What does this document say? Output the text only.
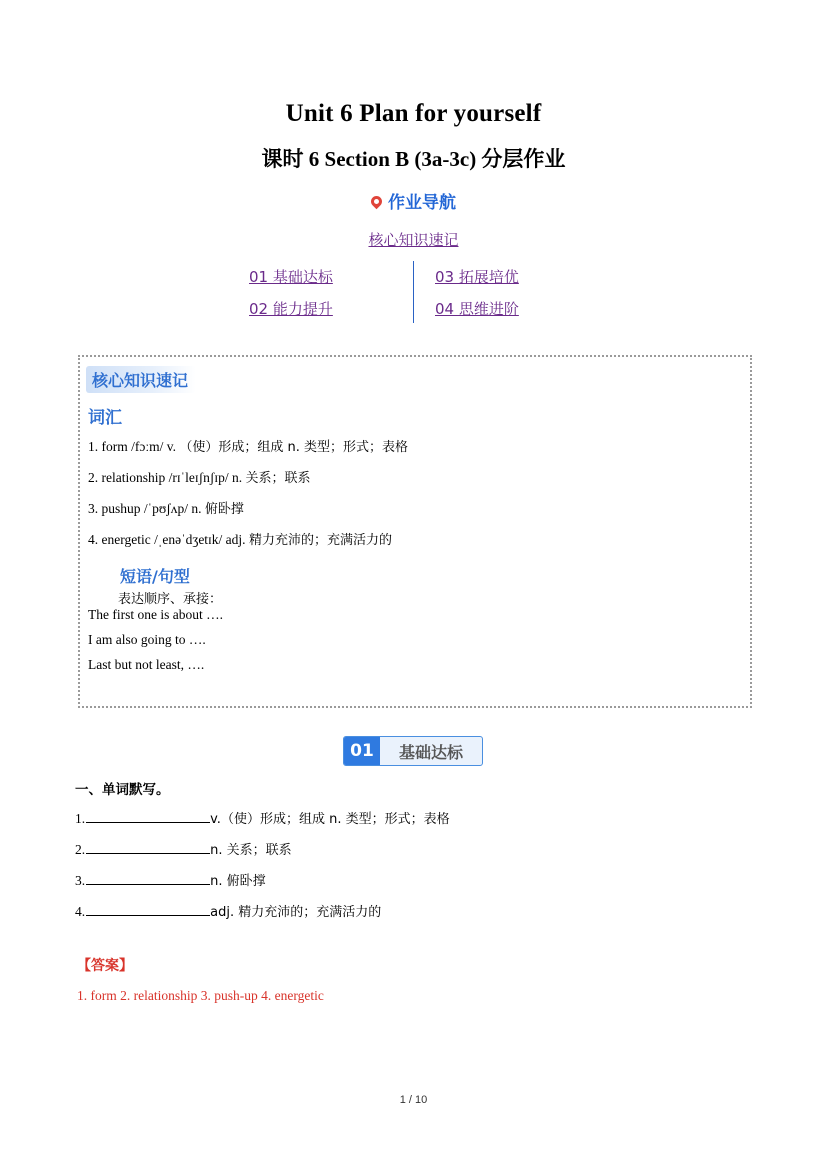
Unit 6 Plan for yourself
课时 6 Section B (3a-3c) 分层作业
作业导航
核心知识速记
01 基础达标
02 能力提升
03 拓展培优
04 思维进阶
核心知识速记
词汇
1. form /fɔːm/ v. （使）形成；组成 n. 类型；形式；表格
2. relationship /rɪˈleɪʃnʃɪp/ n. 关系；联系
3. pushup /ˈpʊʃʌp/ n. 俯卧撑
4. energetic /ˌenəˈdʒetɪk/ adj. 精力充沛的；充满活力的
短语/句型
表达顺序、承接：
The first one is about ….
I am also going to ….
Last but not least, ….
01	基础达标
一、单词默写。
1.	v.（使）形成；组成 n. 类型；形式；表格
2.	n. 关系；联系
3.	n. 俯卧撑
4.	adj. 精力充沛的；充满活力的
【答案】
1. form 2. relationship 3. push-up 4. energetic
1 / 10
